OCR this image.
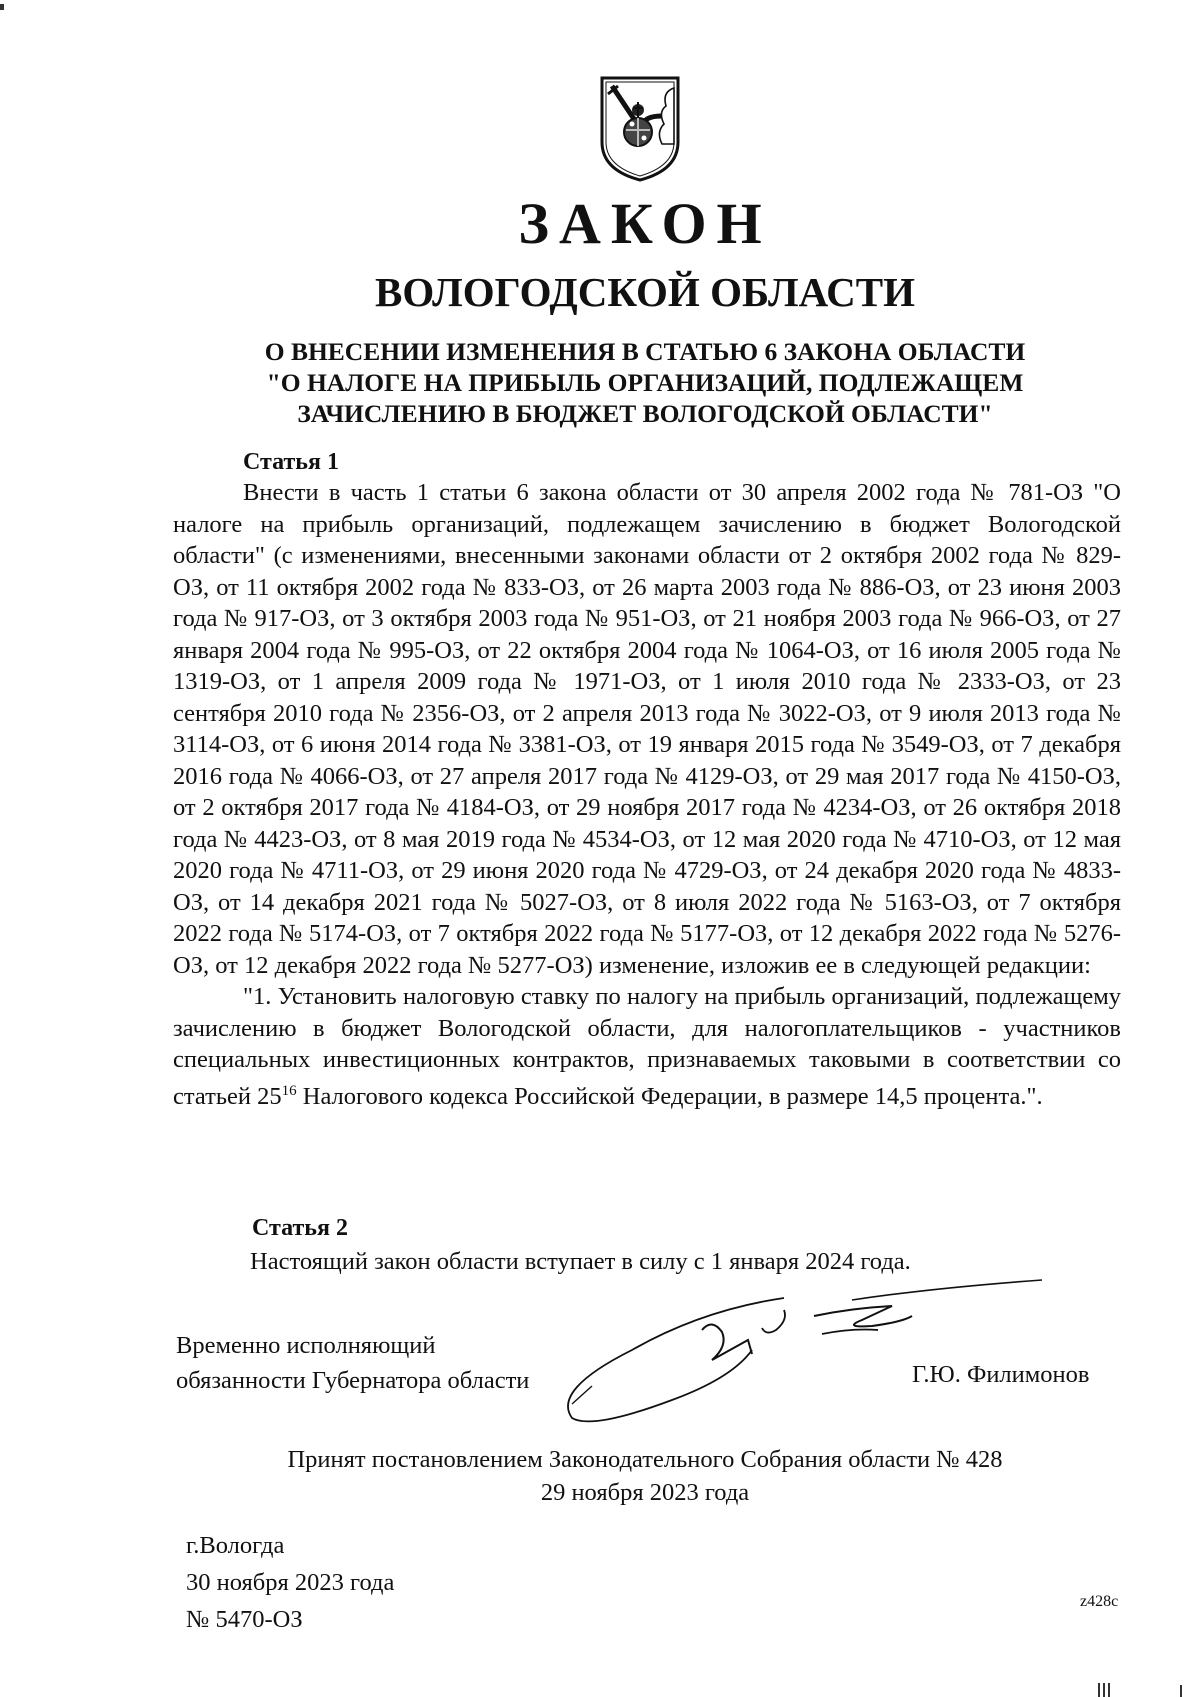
ЗАКОН
ВОЛОГОДСКОЙ ОБЛАСТИ
О ВНЕСЕНИИ ИЗМЕНЕНИЯ В СТАТЬЮ 6 ЗАКОНА ОБЛАСТИ
"О НАЛОГЕ НА ПРИБЫЛЬ ОРГАНИЗАЦИЙ, ПОДЛЕЖАЩЕМ
ЗАЧИСЛЕНИЮ В БЮДЖЕТ ВОЛОГОДСКОЙ ОБЛАСТИ"
Статья 1

Внести в часть 1 статьи 6 закона области от 30 апреля 2002 года № 781-ОЗ "О налоге на прибыль организаций, подлежащем зачислению в бюджет Вологодской области" (с изменениями, внесенными законами области от 2 октября 2002 года № 829-ОЗ, от 11 октября 2002 года № 833-ОЗ, от 26 марта 2003 года № 886-ОЗ, от 23 июня 2003 года № 917-ОЗ, от 3 октября 2003 года № 951-ОЗ, от 21 ноября 2003 года № 966-ОЗ, от 27 января 2004 года № 995-ОЗ, от 22 октября 2004 года № 1064-ОЗ, от 16 июля 2005 года № 1319-ОЗ, от 1 апреля 2009 года № 1971-ОЗ, от 1 июля 2010 года № 2333-ОЗ, от 23 сентября 2010 года № 2356-ОЗ, от 2 апреля 2013 года № 3022-ОЗ, от 9 июля 2013 года № 3114-ОЗ, от 6 июня 2014 года № 3381-ОЗ, от 19 января 2015 года № 3549-ОЗ, от 7 декабря 2016 года № 4066-ОЗ, от 27 апреля 2017 года № 4129-ОЗ, от 29 мая 2017 года № 4150-ОЗ, от 2 октября 2017 года № 4184-ОЗ, от 29 ноября 2017 года № 4234-ОЗ, от 26 октября 2018 года № 4423-ОЗ, от 8 мая 2019 года № 4534-ОЗ, от 12 мая 2020 года № 4710-ОЗ, от 12 мая 2020 года № 4711-ОЗ, от 29 июня 2020 года № 4729-ОЗ, от 24 декабря 2020 года № 4833-ОЗ, от 14 декабря 2021 года № 5027-ОЗ, от 8 июля 2022 года № 5163-ОЗ, от 7 октября 2022 года № 5174-ОЗ, от 7 октября 2022 года № 5177-ОЗ, от 12 декабря 2022 года № 5276-ОЗ, от 12 декабря 2022 года № 5277-ОЗ) изменение, изложив ее в следующей редакции:

"1. Установить налоговую ставку по налогу на прибыль организаций, подлежащему зачислению в бюджет Вологодской области, для налогоплательщиков - участников специальных инвестиционных контрактов, признаваемых таковыми в соответствии со статьей $25^{16}$ Налогового кодекса Российской Федерации, в размере 14,5 процента.".

Статья 2
Настоящий закон области вступает в силу с 1 января 2024 года.
Временно исполняющий
обязанности Губернатора области	Г.Ю. Филимонов
Принят постановлением Законодательного Собрания области № 428
29 ноября 2023 года
г.Вологда
30 ноября 2023 года
№ 5470-ОЗ
z428c
